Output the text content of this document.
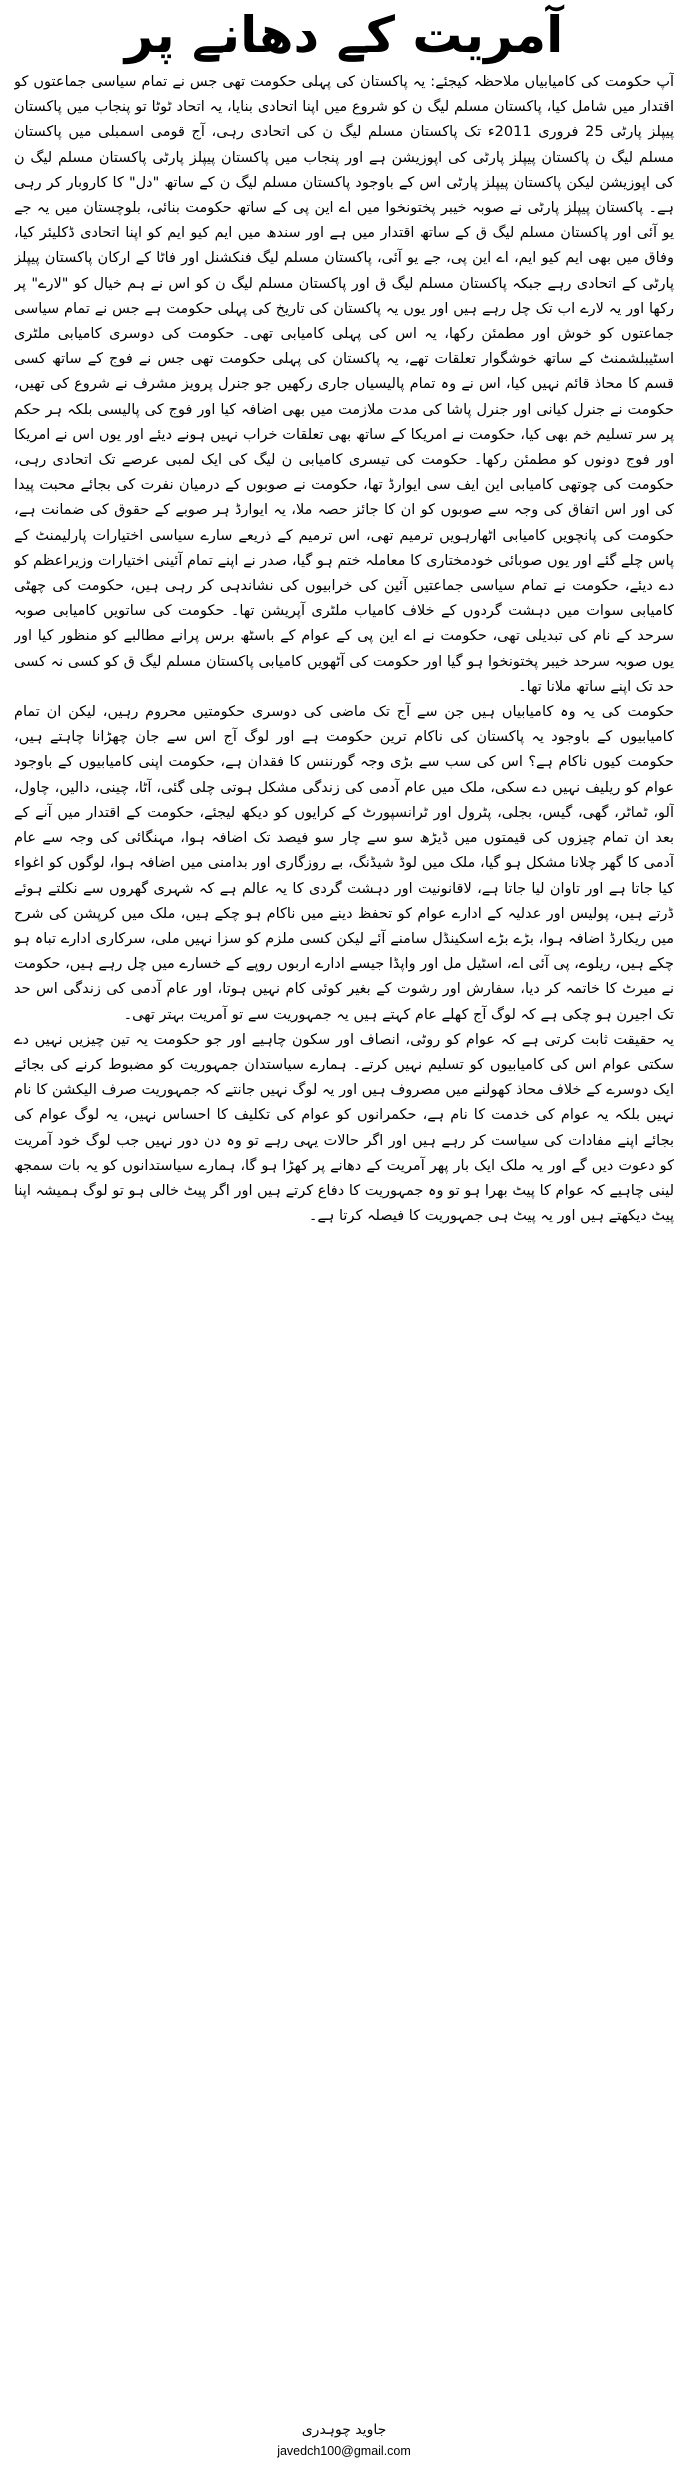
آمریت کے دھانے پر

آپ حکومت کی کامیابیاں ملاحظہ کیجئے: یہ پاکستان کی پہلی حکومت تھی جس نے تمام سیاسی جماعتوں کو اقتدار میں شامل کیا، پاکستان مسلم لیگ ن کو شروع میں اپنا اتحادی بنایا، یہ اتحاد ٹوٹا تو پنجاب میں پاکستان پیپلز پارٹی 25 فروری 2011ء تک پاکستان مسلم لیگ ن کی اتحادی رہی، آج قومی اسمبلی میں پاکستان مسلم لیگ ن پاکستان پیپلز پارٹی کی اپوزیشن ہے اور پنجاب میں پاکستان پیپلز پارٹی پاکستان مسلم لیگ ن کی اپوزیشن لیکن پاکستان پیپلز پارٹی اس کے باوجود پاکستان مسلم لیگ ن کے ساتھ "دل" کا کاروبار کر رہی ہے۔ پاکستان پیپلز پارٹی نے صوبہ خیبر پختونخوا میں اے این پی کے ساتھ حکومت بنائی، بلوچستان میں یہ جے یو آئی اور پاکستان مسلم لیگ ق کے ساتھ اقتدار میں ہے اور سندھ میں ایم کیو ایم کو اپنا اتحادی ڈکلیئر کیا، وفاق میں بھی ایم کیو ایم، اے این پی، جے یو آئی، پاکستان مسلم لیگ فنکشنل اور فاٹا کے ارکان پاکستان پیپلز پارٹی کے اتحادی رہے جبکہ پاکستان مسلم لیگ ق اور پاکستان مسلم لیگ ن کو اس نے ہم خیال کو "لارے" پر رکھا اور یہ لارے اب تک چل رہے ہیں اور یوں یہ پاکستان کی تاریخ کی پہلی حکومت ہے جس نے تمام سیاسی جماعتوں کو خوش اور مطمئن رکھا، یہ اس کی پہلی کامیابی تھی۔ حکومت کی دوسری کامیابی ملٹری اسٹیبلشمنٹ کے ساتھ خوشگوار تعلقات تھے، یہ پاکستان کی پہلی حکومت تھی جس نے فوج کے ساتھ کسی قسم کا محاذ قائم نہیں کیا، اس نے وہ تمام پالیسیاں جاری رکھیں جو جنرل پرویز مشرف نے شروع کی تھیں، حکومت نے جنرل کیانی اور جنرل پاشا کی مدت ملازمت میں بھی اضافہ کیا اور فوج کی پالیسی بلکہ ہر حکم پر سر تسلیم خم بھی کیا، حکومت نے امریکا کے ساتھ بھی تعلقات خراب نہیں ہونے دیئے اور یوں اس نے امریکا اور فوج دونوں کو مطمئن رکھا۔ حکومت کی تیسری کامیابی ن لیگ کی ایک لمبی عرصے تک اتحادی رہی، حکومت کی چوتھی کامیابی این ایف سی ایوارڈ تھا، حکومت نے صوبوں کے درمیان نفرت کی بجائے محبت پیدا کی اور اس اتفاق کی وجہ سے صوبوں کو ان کا جائز حصہ ملا، یہ ایوارڈ ہر صوبے کے حقوق کی ضمانت ہے، حکومت کی پانچویں کامیابی اٹھارہویں ترمیم تھی، اس ترمیم کے ذریعے سارے سیاسی اختیارات پارلیمنٹ کے پاس چلے گئے اور یوں صوبائی خودمختاری کا معاملہ ختم ہو گیا، صدر نے اپنے تمام آئینی اختیارات وزیراعظم کو دے دیئے، حکومت نے تمام سیاسی جماعتیں آئین کی خرابیوں کی نشاندہی کر رہی ہیں، حکومت کی چھٹی کامیابی سوات میں دہشت گردوں کے خلاف کامیاب ملٹری آپریشن تھا۔ حکومت کی ساتویں کامیابی صوبہ سرحد کے نام کی تبدیلی تھی، حکومت نے اے این پی کے عوام کے باسٹھ برس پرانے مطالبے کو منظور کیا اور یوں صوبہ سرحد خیبر پختونخوا ہو گیا اور حکومت کی آٹھویں کامیابی پاکستان مسلم لیگ ق کو کسی نہ کسی حد تک اپنے ساتھ ملانا تھا۔

حکومت کی یہ وہ کامیابیاں ہیں جن سے آج تک ماضی کی دوسری حکومتیں محروم رہیں، لیکن ان تمام کامیابیوں کے باوجود یہ پاکستان کی ناکام ترین حکومت ہے اور لوگ آج اس سے جان چھڑانا چاہتے ہیں، حکومت کیوں ناکام ہے؟ اس کی سب سے بڑی وجہ گورننس کا فقدان ہے، حکومت اپنی کامیابیوں کے باوجود عوام کو ریلیف نہیں دے سکی، ملک میں عام آدمی کی زندگی مشکل ہوتی چلی گئی، آٹا، چینی، دالیں، چاول، آلو، ٹماٹر، گھی، گیس، بجلی، پٹرول اور ٹرانسپورٹ کے کرایوں کو دیکھ لیجئے، حکومت کے اقتدار میں آنے کے بعد ان تمام چیزوں کی قیمتوں میں ڈیڑھ سو سے چار سو فیصد تک اضافہ ہوا، مہنگائی کی وجہ سے عام آدمی کا گھر چلانا مشکل ہو گیا، ملک میں لوڈ شیڈنگ، بے روزگاری اور بدامنی میں اضافہ ہوا، لوگوں کو اغواء کیا جاتا ہے اور تاوان لیا جاتا ہے، لاقانونیت اور دہشت گردی کا یہ عالم ہے کہ شہری گھروں سے نکلتے ہوئے ڈرتے ہیں، پولیس اور عدلیہ کے ادارے عوام کو تحفظ دینے میں ناکام ہو چکے ہیں، ملک میں کرپشن کی شرح میں ریکارڈ اضافہ ہوا، بڑے بڑے اسکینڈل سامنے آئے لیکن کسی ملزم کو سزا نہیں ملی، سرکاری ادارے تباہ ہو چکے ہیں، ریلوے، پی آئی اے، اسٹیل مل اور واپڈا جیسے ادارے اربوں روپے کے خسارے میں چل رہے ہیں، حکومت نے میرٹ کا خاتمہ کر دیا، سفارش اور رشوت کے بغیر کوئی کام نہیں ہوتا، اور عام آدمی کی زندگی اس حد تک اجیرن ہو چکی ہے کہ لوگ آج کھلے عام کہتے ہیں یہ جمہوریت سے تو آمریت بہتر تھی۔

یہ حقیقت ثابت کرتی ہے کہ عوام کو روٹی، انصاف اور سکون چاہیے اور جو حکومت یہ تین چیزیں نہیں دے سکتی عوام اس کی کامیابیوں کو تسلیم نہیں کرتے۔ ہمارے سیاستدان جمہوریت کو مضبوط کرنے کی بجائے ایک دوسرے کے خلاف محاذ کھولنے میں مصروف ہیں اور یہ لوگ نہیں جانتے کہ جمہوریت صرف الیکشن کا نام نہیں بلکہ یہ عوام کی خدمت کا نام ہے، حکمرانوں کو عوام کی تکلیف کا احساس نہیں، یہ لوگ عوام کی بجائے اپنے مفادات کی سیاست کر رہے ہیں اور اگر حالات یہی رہے تو وہ دن دور نہیں جب لوگ خود آمریت کو دعوت دیں گے اور یہ ملک ایک بار پھر آمریت کے دھانے پر کھڑا ہو گا، ہمارے سیاستدانوں کو یہ بات سمجھ لینی چاہیے کہ عوام کا پیٹ بھرا ہو تو وہ جمہوریت کا دفاع کرتے ہیں اور اگر پیٹ خالی ہو تو لوگ ہمیشہ اپنا پیٹ دیکھتے ہیں اور یہ پیٹ ہی جمہوریت کا فیصلہ کرتا ہے۔

جاوید چوہدری
javedch100@gmail.com
